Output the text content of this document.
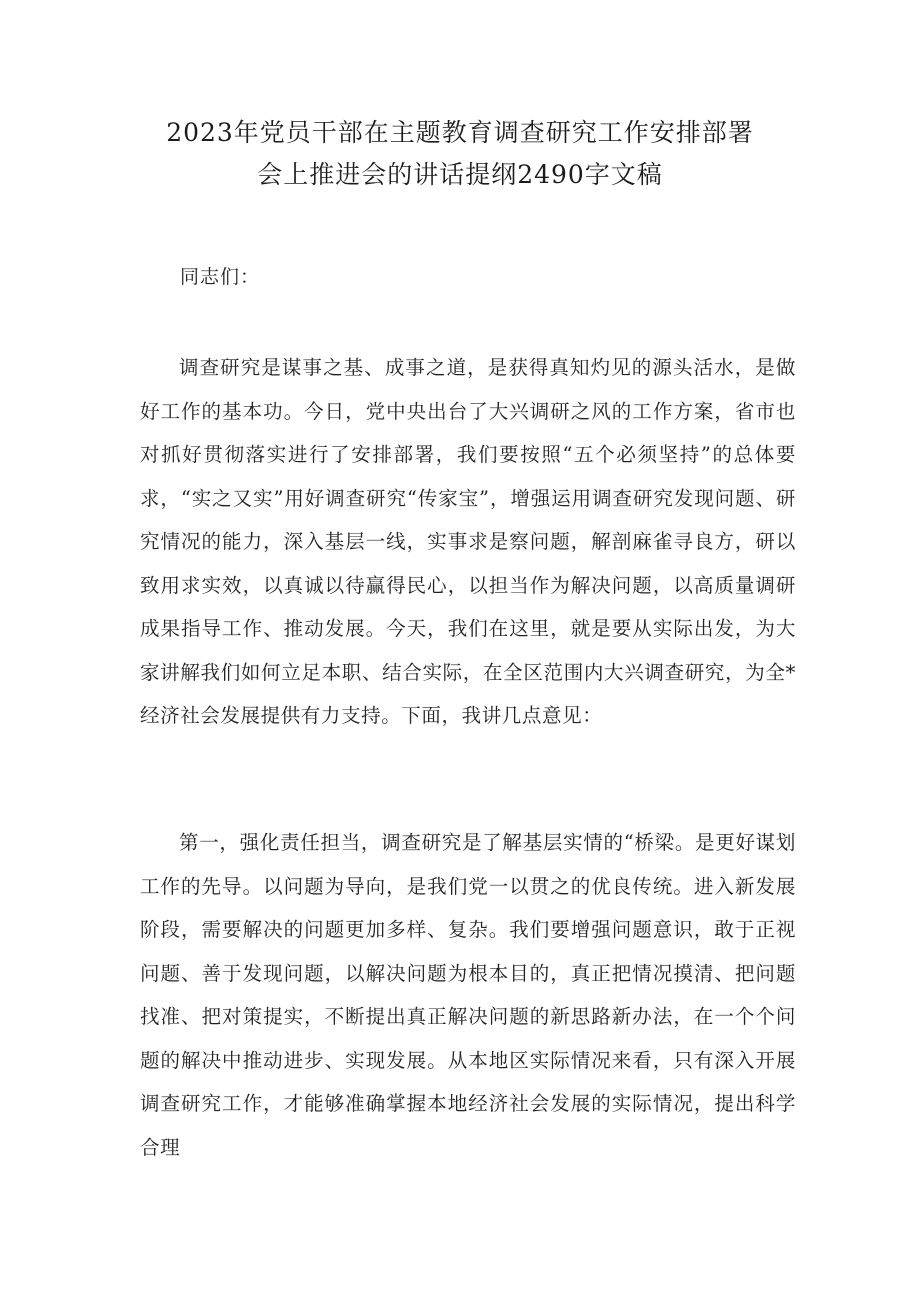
2023年党员干部在主题教育调查研究工作安排部署
会上推进会的讲话提纲2490字文稿
同志们：
调查研究是谋事之基、成事之道，是获得真知灼见的源头活水，是做好工作的基本功。今日，党中央出台了大兴调研之风的工作方案，省市也对抓好贯彻落实进行了安排部署，我们要按照“五个必须坚持”的总体要求，“实之又实”用好调查研究“传家宝”，增强运用调查研究发现问题、研究情况的能力，深入基层一线，实事求是察问题，解剖麻雀寻良方，研以致用求实效，以真诚以待赢得民心，以担当作为解决问题，以高质量调研成果指导工作、推动发展。今天，我们在这里，就是要从实际出发，为大家讲解我们如何立足本职、结合实际，在全区范围内大兴调查研究，为全*经济社会发展提供有力支持。下面，我讲几点意见：
第一，强化责任担当，调查研究是了解基层实情的“桥梁。是更好谋划工作的先导。以问题为导向，是我们党一以贯之的优良传统。进入新发展阶段，需要解决的问题更加多样、复杂。我们要增强问题意识，敢于正视问题、善于发现问题，以解决问题为根本目的，真正把情况摸清、把问题找准、把对策提实，不断提出真正解决问题的新思路新办法，在一个个问题的解决中推动进步、实现发展。从本地区实际情况来看，只有深入开展调查研究工作，才能够准确掌握本地经济社会发展的实际情况，提出科学合理
